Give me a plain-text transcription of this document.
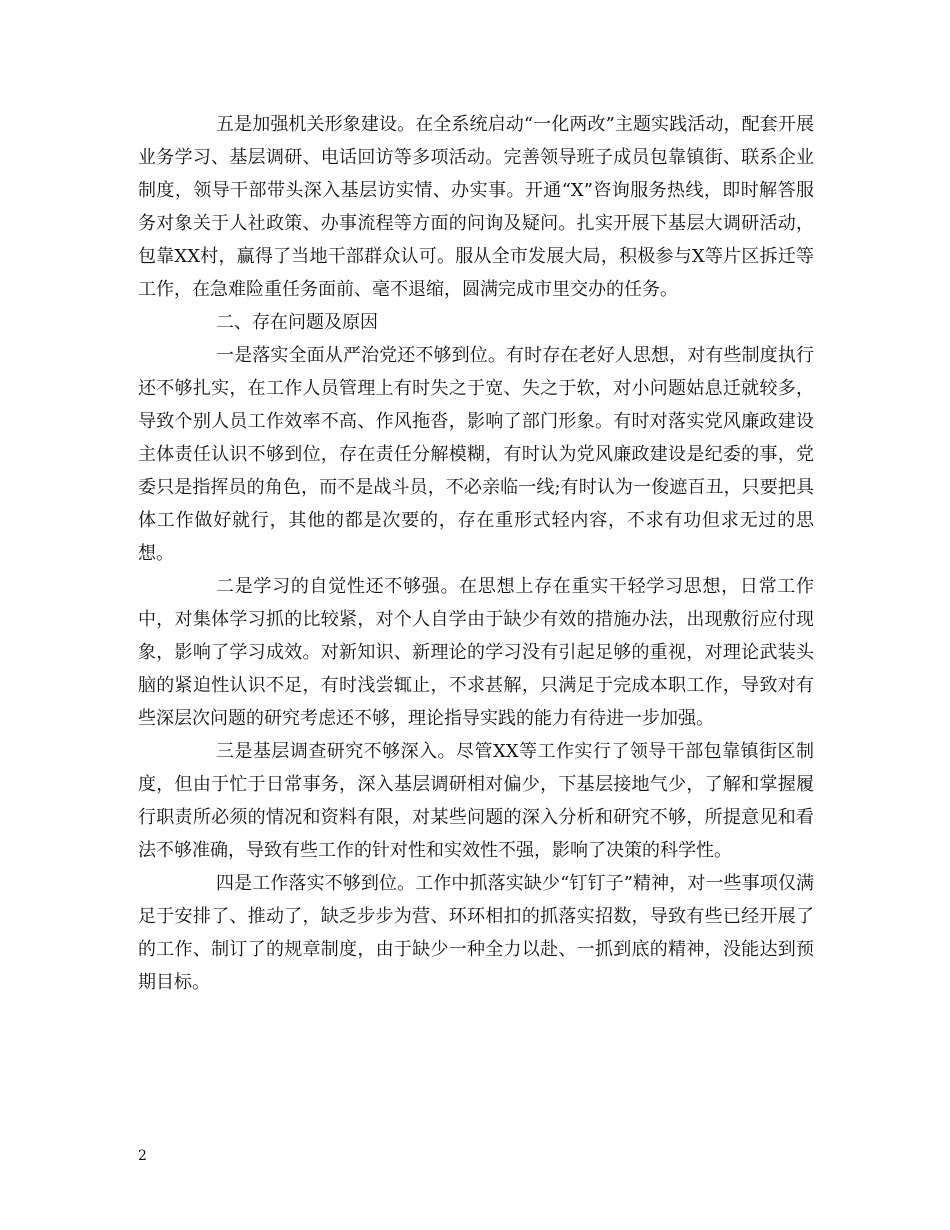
五是加强机关形象建设。在全系统启动“一化两改”主题实践活动，配套开展业务学习、基层调研、电话回访等多项活动。完善领导班子成员包靠镇街、联系企业制度，领导干部带头深入基层访实情、办实事。开通“X”咨询服务热线，即时解答服务对象关于人社政策、办事流程等方面的问询及疑问。扎实开展下基层大调研活动，包靠XX村，赢得了当地干部群众认可。服从全市发展大局，积极参与X等片区拆迁等工作，在急难险重任务面前、毫不退缩，圆满完成市里交办的任务。

二、存在问题及原因

一是落实全面从严治党还不够到位。有时存在老好人思想，对有些制度执行还不够扎实，在工作人员管理上有时失之于宽、失之于软，对小问题姑息迁就较多，导致个别人员工作效率不高、作风拖沓，影响了部门形象。有时对落实党风廉政建设主体责任认识不够到位，存在责任分解模糊，有时认为党风廉政建设是纪委的事，党委只是指挥员的角色，而不是战斗员，不必亲临一线;有时认为一俊遮百丑，只要把具体工作做好就行，其他的都是次要的，存在重形式轻内容，不求有功但求无过的思想。

二是学习的自觉性还不够强。在思想上存在重实干轻学习思想，日常工作中，对集体学习抓的比较紧，对个人自学由于缺少有效的措施办法，出现敷衍应付现象，影响了学习成效。对新知识、新理论的学习没有引起足够的重视，对理论武装头脑的紧迫性认识不足，有时浅尝辄止，不求甚解，只满足于完成本职工作，导致对有些深层次问题的研究考虑还不够，理论指导实践的能力有待进一步加强。

三是基层调查研究不够深入。尽管XX等工作实行了领导干部包靠镇街区制度，但由于忙于日常事务，深入基层调研相对偏少，下基层接地气少，了解和掌握履行职责所必须的情况和资料有限，对某些问题的深入分析和研究不够，所提意见和看法不够准确，导致有些工作的针对性和实效性不强，影响了决策的科学性。

四是工作落实不够到位。工作中抓落实缺少“钉钉子”精神，对一些事项仅满足于安排了、推动了，缺乏步步为营、环环相扣的抓落实招数，导致有些已经开展了的工作、制订了的规章制度，由于缺少一种全力以赴、一抓到底的精神，没能达到预期目标。

2
